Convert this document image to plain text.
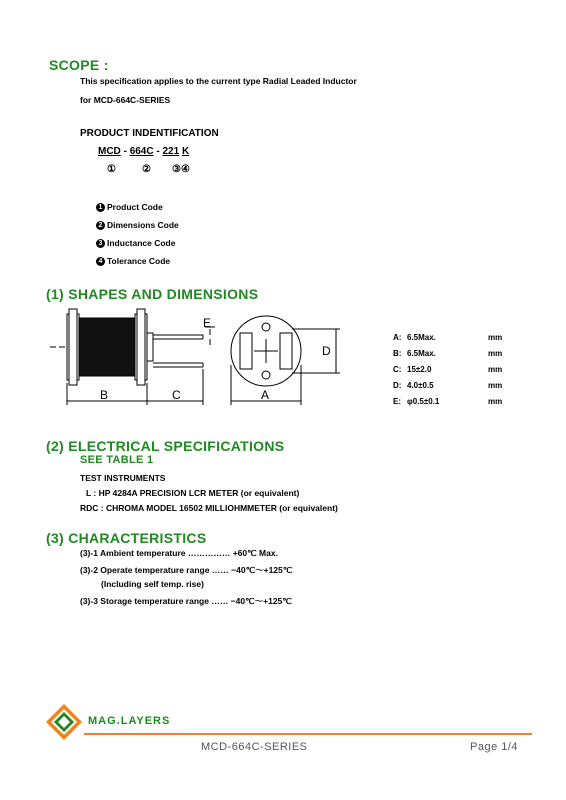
SCOPE :
This specification applies to the current type Radial Leaded Inductor
for MCD-664C-SERIES
PRODUCT INDENTIFICATION
MCD - 664C - 221 K
①	② ③④
1 Product Code
2 Dimensions Code
3 Inductance Code
4 Tolerance Code
(1) SHAPES AND DIMENSIONS
B	C
E
A
D
A: 6.5Max.	mm
B: 6.5Max.	mm
C: 15±2.0	mm
D: 4.0±0.5	mm
E: φ0.5±0.1	mm
(2) ELECTRICAL SPECIFICATIONS
SEE TABLE 1
TEST INSTRUMENTS
L : HP 4284A PRECISION LCR METER (or equivalent)
RDC : CHROMA MODEL 16502 MILLIOHMMETER (or equivalent)
(3) CHARACTERISTICS
(3)-1 Ambient temperature …………… +60℃ Max.
(3)-2 Operate temperature range …… −40℃～+125℃
(Including self temp. rise)
(3)-3 Storage temperature range …… −40℃～+125℃
MAG.LAYERS
MCD-664C-SERIES	Page 1/4
